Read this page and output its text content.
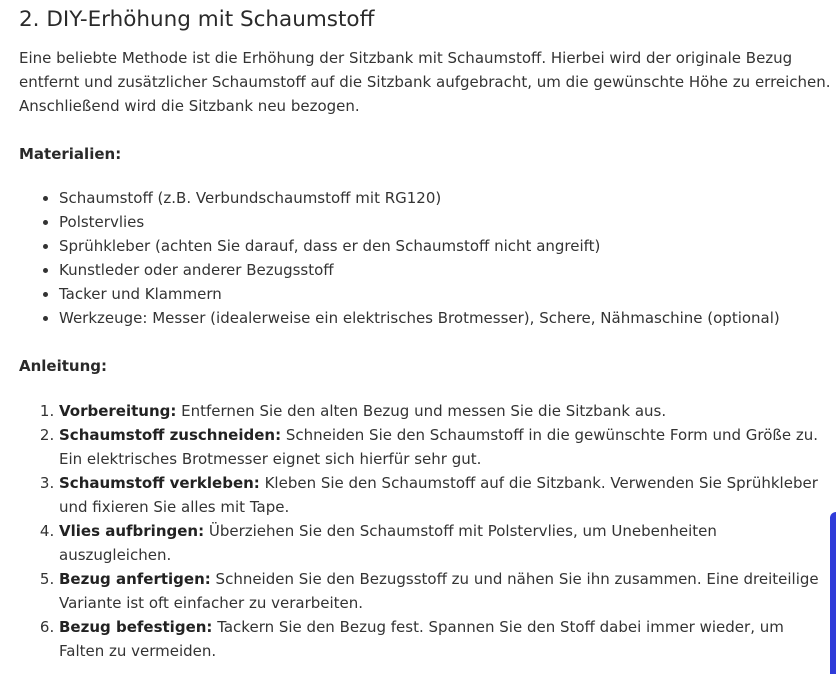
2. DIY-Erhöhung mit Schaumstoff

Eine beliebte Methode ist die Erhöhung der Sitzbank mit Schaumstoff. Hierbei wird der originale Bezug entfernt und zusätzlicher Schaumstoff auf die Sitzbank aufgebracht, um die gewünschte Höhe zu erreichen. Anschließend wird die Sitzbank neu bezogen.

Materialien:
• Schaumstoff (z.B. Verbundschaumstoff mit RG120)
• Polstervlies
• Sprühkleber (achten Sie darauf, dass er den Schaumstoff nicht angreift)
• Kunstleder oder anderer Bezugsstoff
• Tacker und Klammern
• Werkzeuge: Messer (idealerweise ein elektrisches Brotmesser), Schere, Nähmaschine (optional)
Anleitung:
1. Vorbereitung: Entfernen Sie den alten Bezug und messen Sie die Sitzbank aus.
2. Schaumstoff zuschneiden: Schneiden Sie den Schaumstoff in die gewünschte Form und Größe zu. Ein elektrisches Brotmesser eignet sich hierfür sehr gut.
3. Schaumstoff verkleben: Kleben Sie den Schaumstoff auf die Sitzbank. Verwenden Sie Sprühkleber und fixieren Sie alles mit Tape.
4. Vlies aufbringen: Überziehen Sie den Schaumstoff mit Polstervlies, um Unebenheiten auszugleichen.
5. Bezug anfertigen: Schneiden Sie den Bezugsstoff zu und nähen Sie ihn zusammen. Eine dreiteilige Variante ist oft einfacher zu verarbeiten.
6. Bezug befestigen: Tackern Sie den Bezug fest. Spannen Sie den Stoff dabei immer wieder, um Falten zu vermeiden.
